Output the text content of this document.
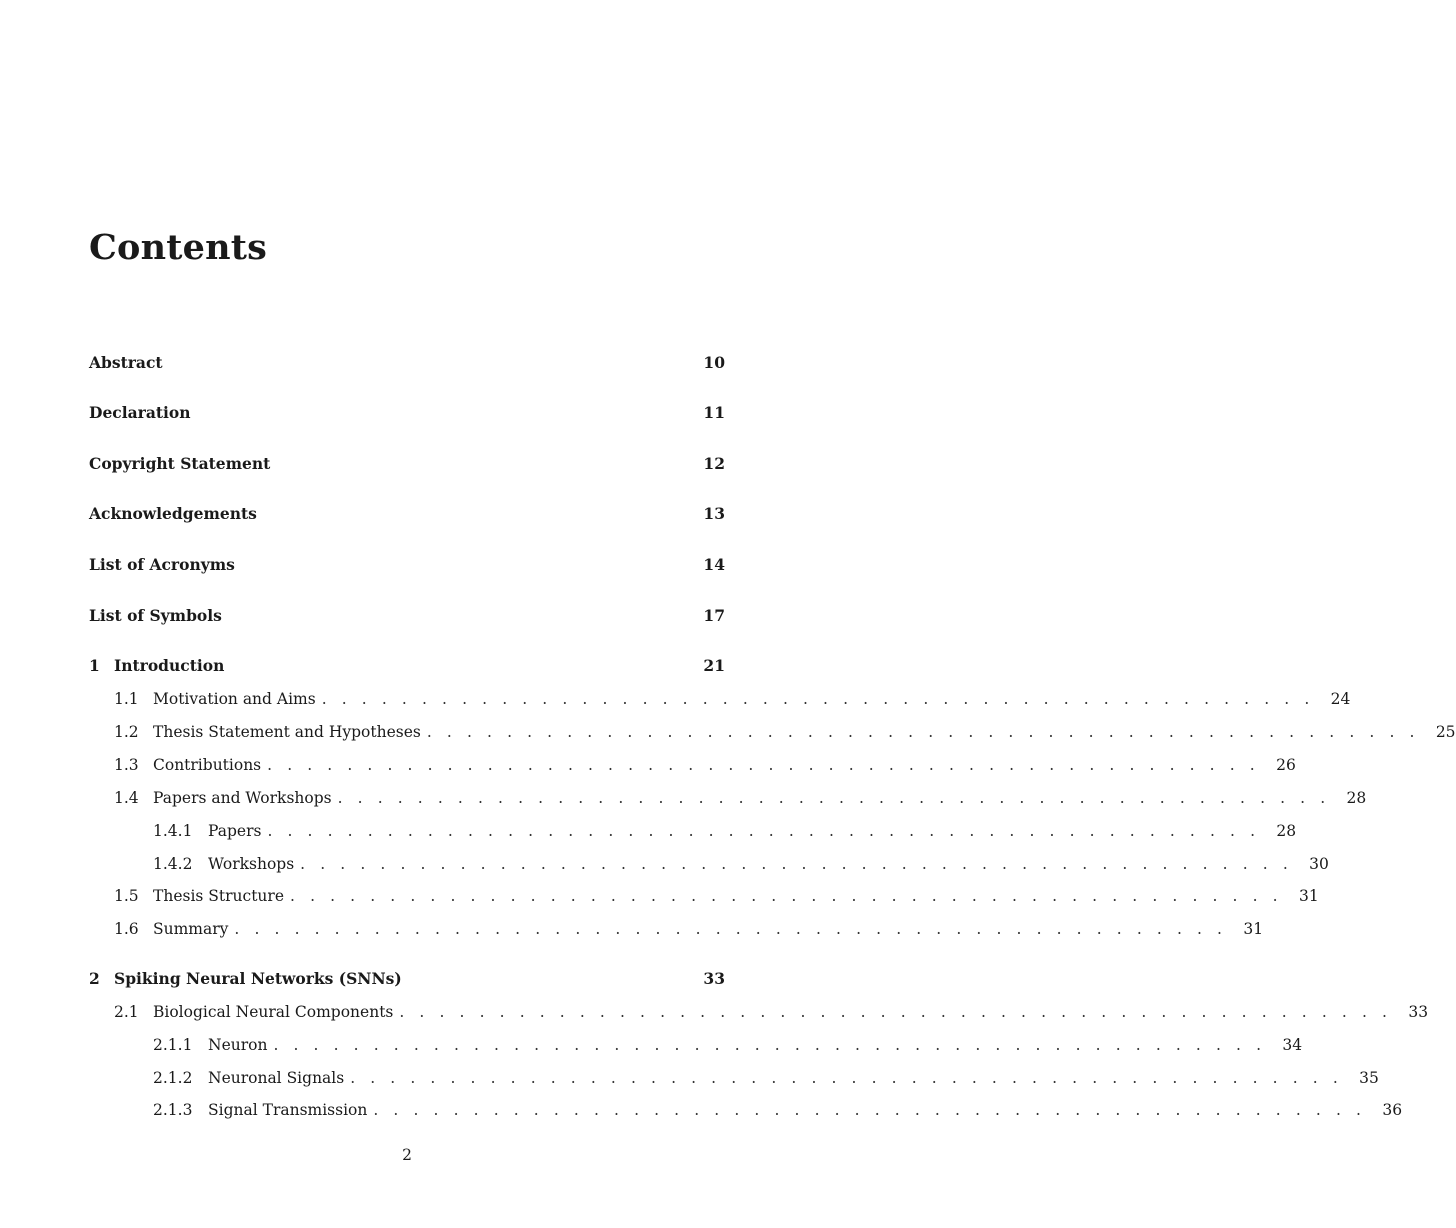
Contents
Abstract	10
Declaration	11
Copyright Statement	12
Acknowledgements	13
List of Acronyms	14
List of Symbols	17
1 Introduction	21
1.1 Motivation and Aims . . . . . . . . . . . . . . . . . . . . . . . . . . . . . . . . . . . . . . . . . . . . . . . . . . 24
1.2 Thesis Statement and Hypotheses . . . . . . . . . . . . . . . . . . . . . . . . . . . . . . . . . . . . . . . . . . . . . . . . . . 25
1.3 Contributions . . . . . . . . . . . . . . . . . . . . . . . . . . . . . . . . . . . . . . . . . . . . . . . . . . 26
1.4 Papers and Workshops . . . . . . . . . . . . . . . . . . . . . . . . . . . . . . . . . . . . . . . . . . . . . . . . . . 28
1.4.1	Papers . . . . . . . . . . . . . . . . . . . . . . . . . . . . . . . . . . . . . . . . . . . . . . . . . . 28
1.4.2	Workshops . . . . . . . . . . . . . . . . . . . . . . . . . . . . . . . . . . . . . . . . . . . . . . . . . . 30
1.5 Thesis Structure . . . . . . . . . . . . . . . . . . . . . . . . . . . . . . . . . . . . . . . . . . . . . . . . . . 31
1.6 Summary . . . . . . . . . . . . . . . . . . . . . . . . . . . . . . . . . . . . . . . . . . . . . . . . . . 31
2 Spiking Neural Networks (SNNs)	33
2.1 Biological Neural Components . . . . . . . . . . . . . . . . . . . . . . . . . . . . . . . . . . . . . . . . . . . . . . . . . . 33
2.1.1	Neuron . . . . . . . . . . . . . . . . . . . . . . . . . . . . . . . . . . . . . . . . . . . . . . . . . . 34
2.1.2	Neuronal Signals . . . . . . . . . . . . . . . . . . . . . . . . . . . . . . . . . . . . . . . . . . . . . . . . . . 35
2.1.3	Signal Transmission . . . . . . . . . . . . . . . . . . . . . . . . . . . . . . . . . . . . . . . . . . . . . . . . . . 36
2
